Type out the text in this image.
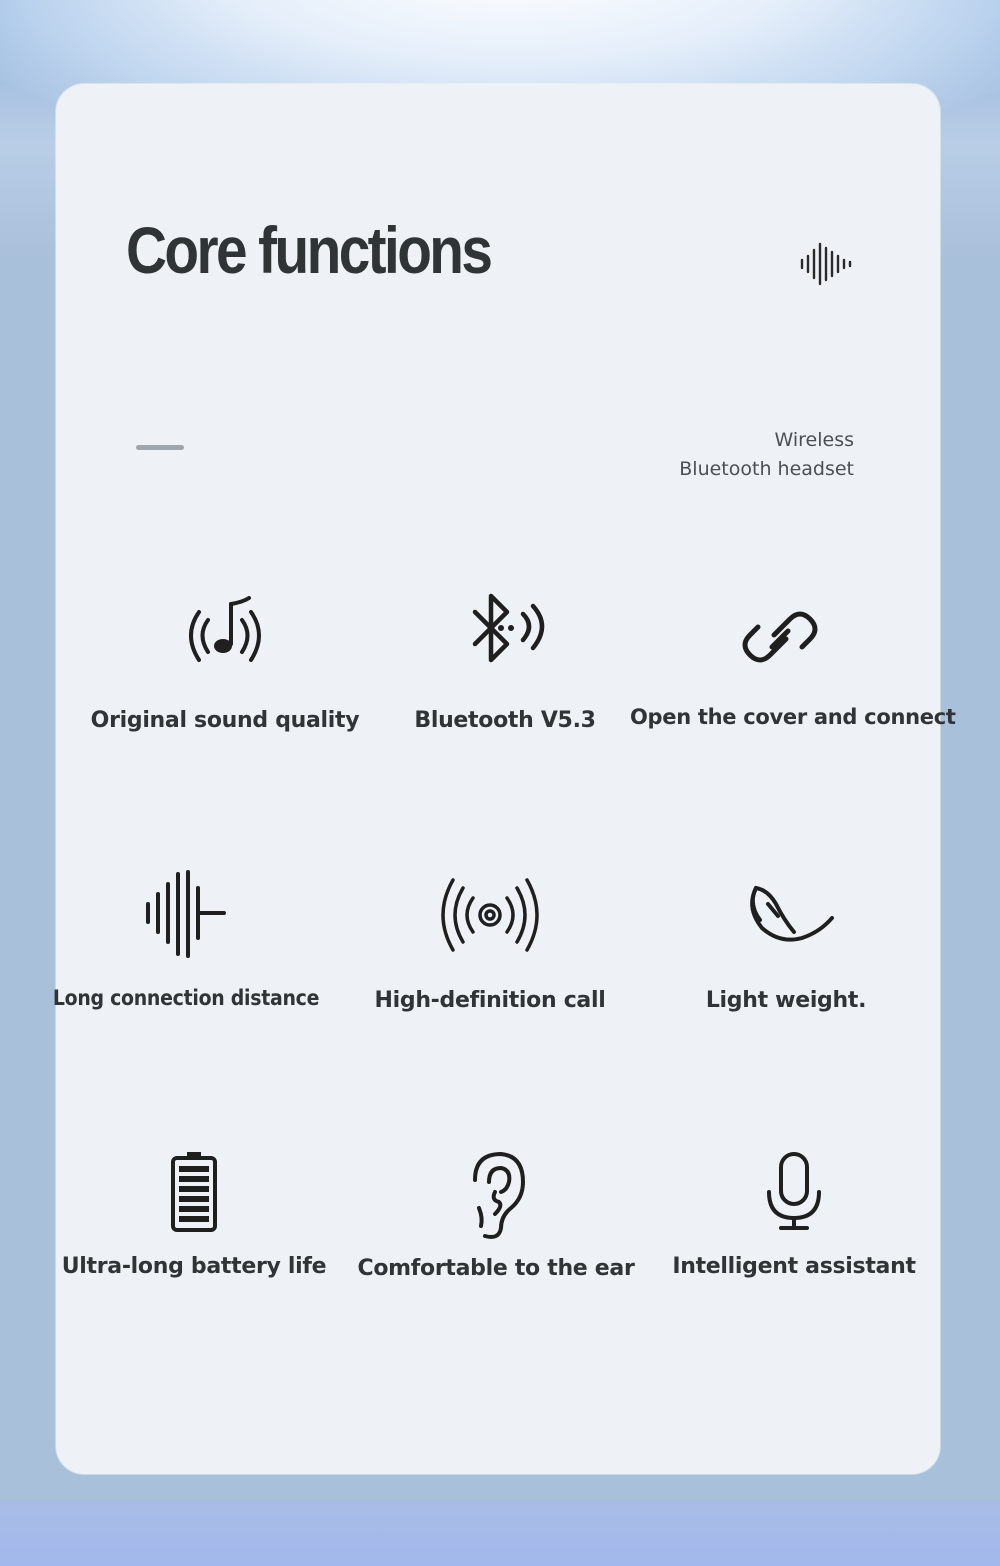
Core functions
Wireless
Bluetooth headset
Original sound quality	Bluetooth V5.3	Open the cover and connect
Long connection distance	High-definition call	Light weight.
Ultra-long battery life	Comfortable to the ear	Intelligent assistant
